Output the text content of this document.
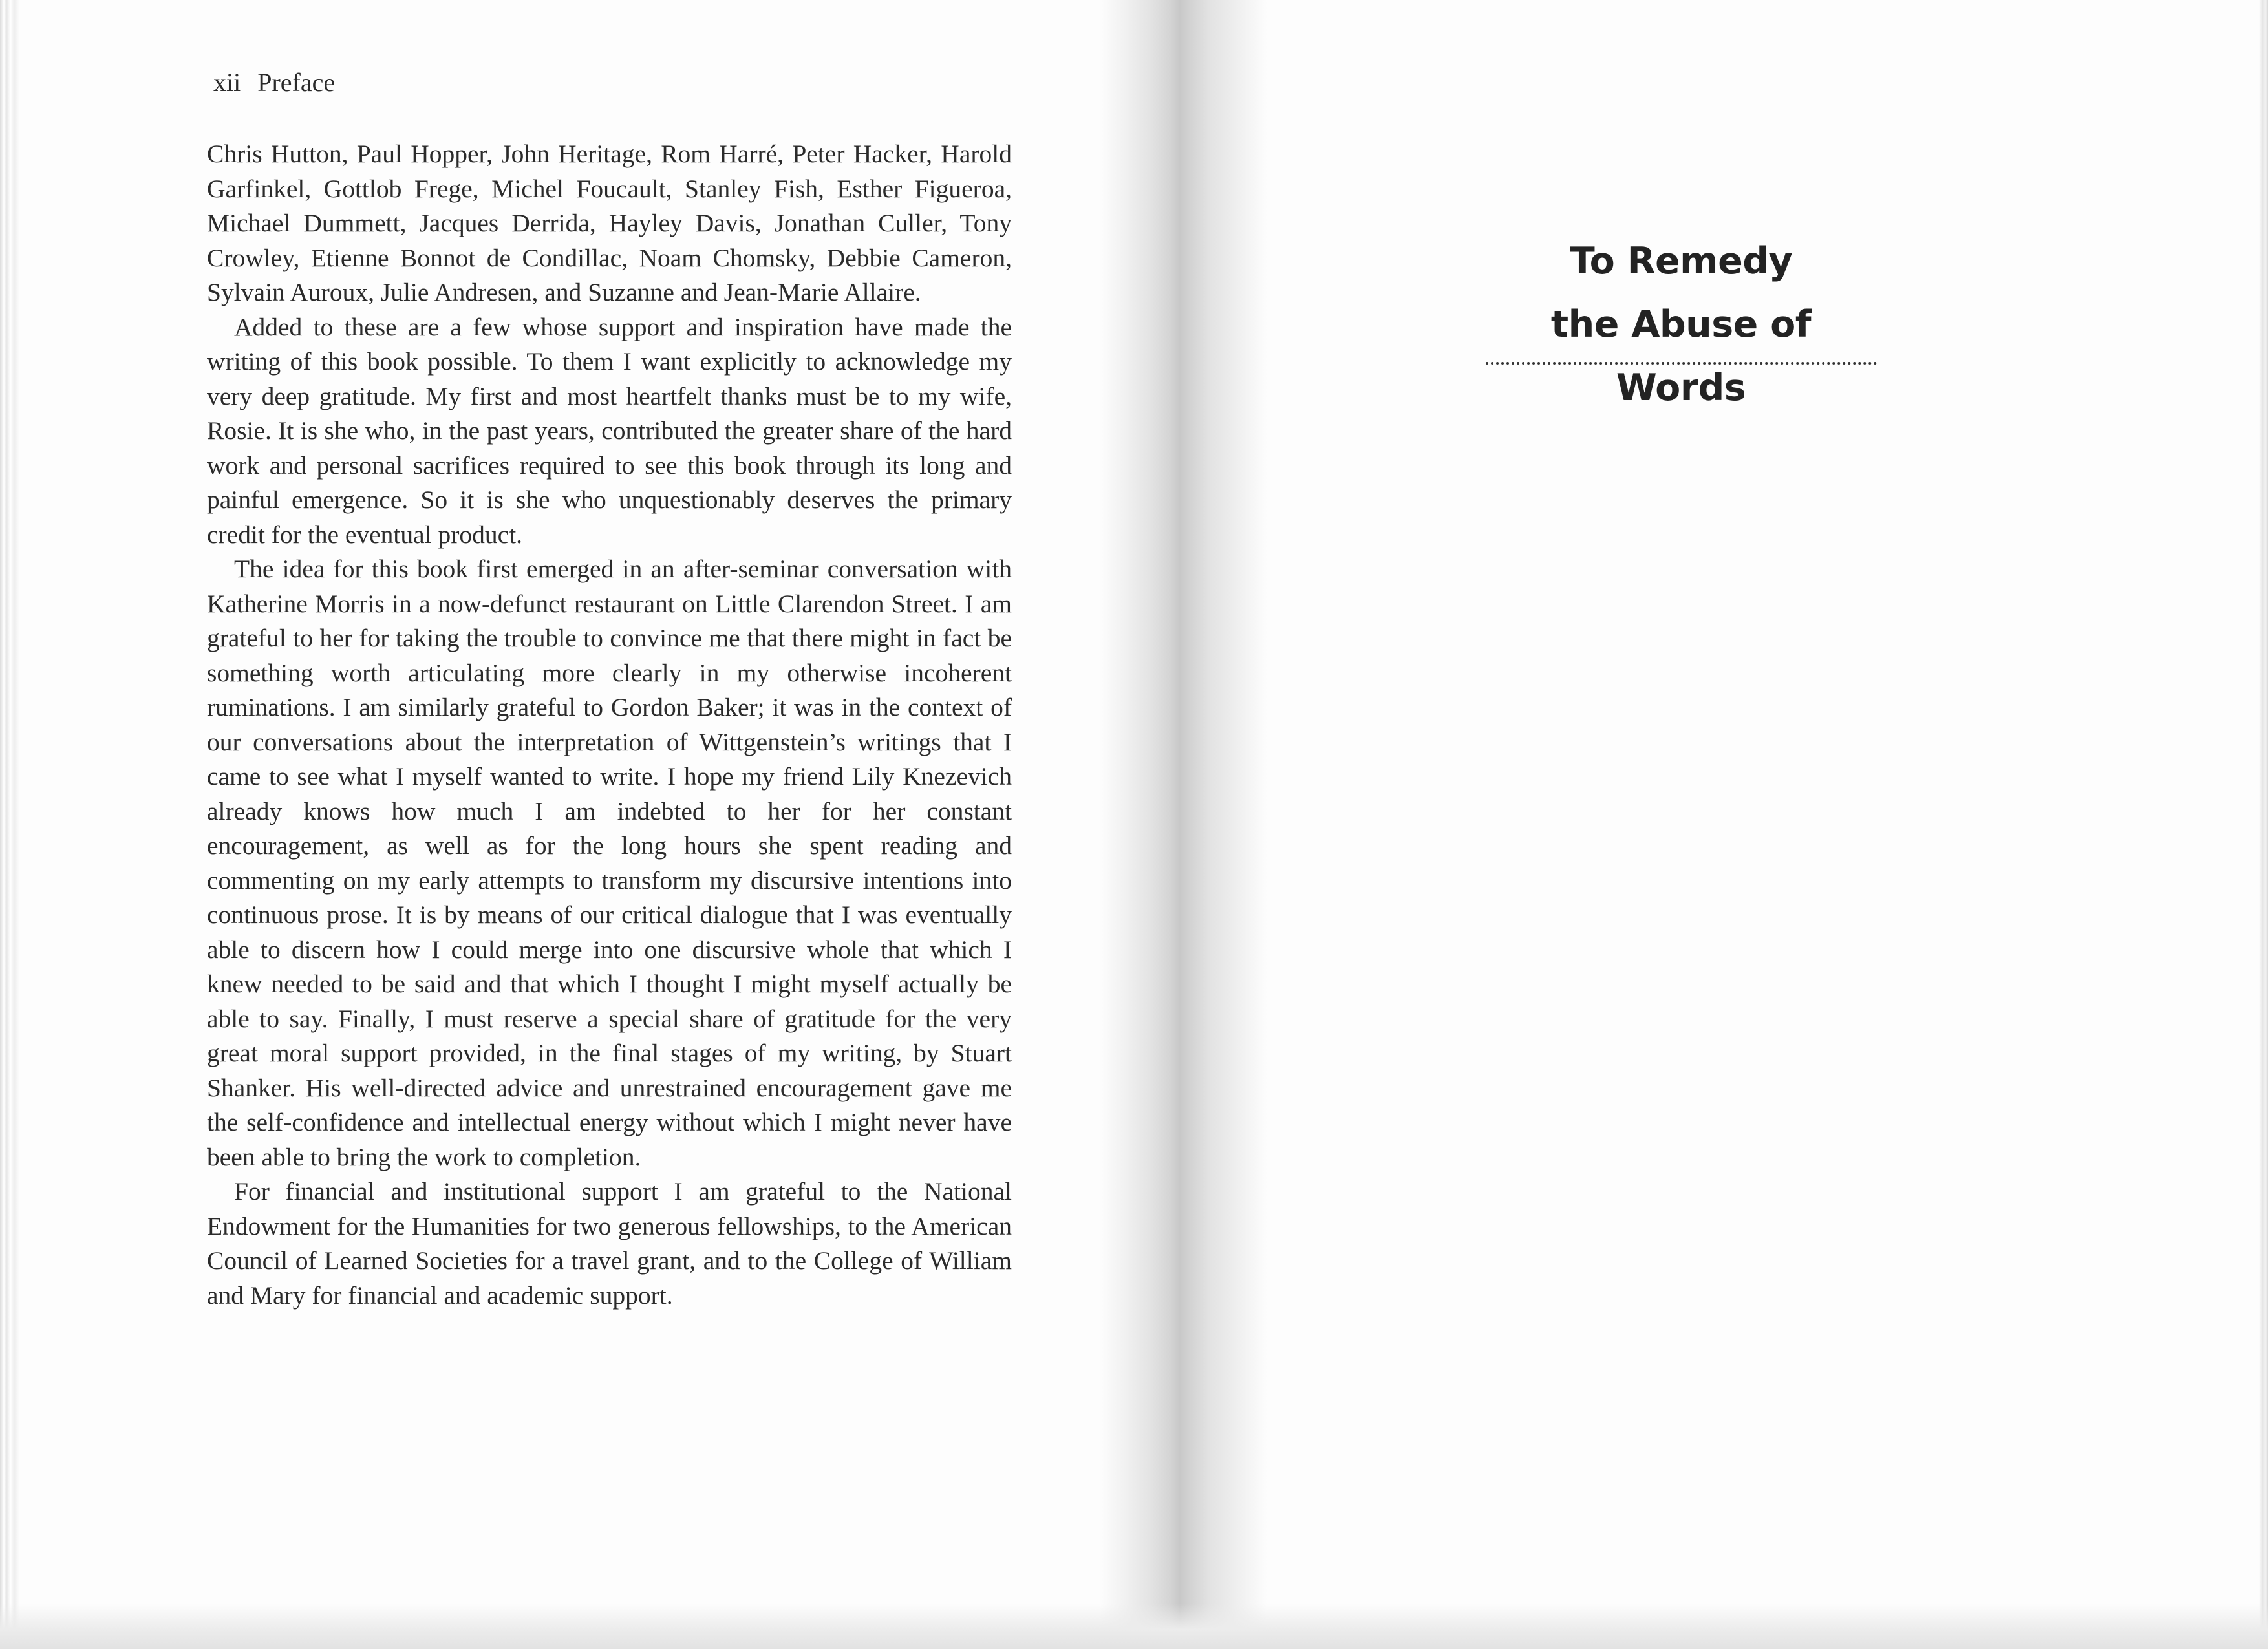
xii Preface

Chris Hutton, Paul Hopper, John Heritage, Rom Harré, Peter Hacker, Harold Garfinkel, Gottlob Frege, Michel Foucault, Stanley Fish, Esther Figueroa, Michael Dummett, Jacques Derrida, Hayley Davis, Jonathan Culler, Tony Crowley, Etienne Bonnot de Condillac, Noam Chomsky, Debbie Cameron, Sylvain Auroux, Julie Andresen, and Suzanne and Jean-Marie Allaire.

Added to these are a few whose support and inspiration have made the writing of this book possible. To them I want explicitly to acknowledge my very deep gratitude. My first and most heartfelt thanks must be to my wife, Rosie. It is she who, in the past years, contributed the greater share of the hard work and personal sacrifices required to see this book through its long and painful emergence. So it is she who unquestionably deserves the primary credit for the eventual product.

The idea for this book first emerged in an after-seminar conversation with Katherine Morris in a now-defunct restaurant on Little Clarendon Street. I am grateful to her for taking the trouble to convince me that there might in fact be something worth articulating more clearly in my otherwise incoherent ruminations. I am similarly grateful to Gordon Baker; it was in the context of our conversations about the interpretation of Wittgenstein’s writings that I came to see what I myself wanted to write. I hope my friend Lily Knezevich already knows how much I am indebted to her for her constant encouragement, as well as for the long hours she spent reading and commenting on my early attempts to transform my discursive intentions into continuous prose. It is by means of our critical dialogue that I was eventually able to discern how I could merge into one discursive whole that which I knew needed to be said and that which I thought I might myself actually be able to say. Finally, I must reserve a special share of gratitude for the very great moral support provided, in the final stages of my writing, by Stuart Shanker. His well-directed advice and unrestrained encouragement gave me the self-confidence and intellectual energy without which I might never have been able to bring the work to completion.

For financial and institutional support I am grateful to the National Endowment for the Humanities for two generous fellowships, to the American Council of Learned Societies for a travel grant, and to the College of William and Mary for financial and academic support.

To Remedy
the Abuse of Words
